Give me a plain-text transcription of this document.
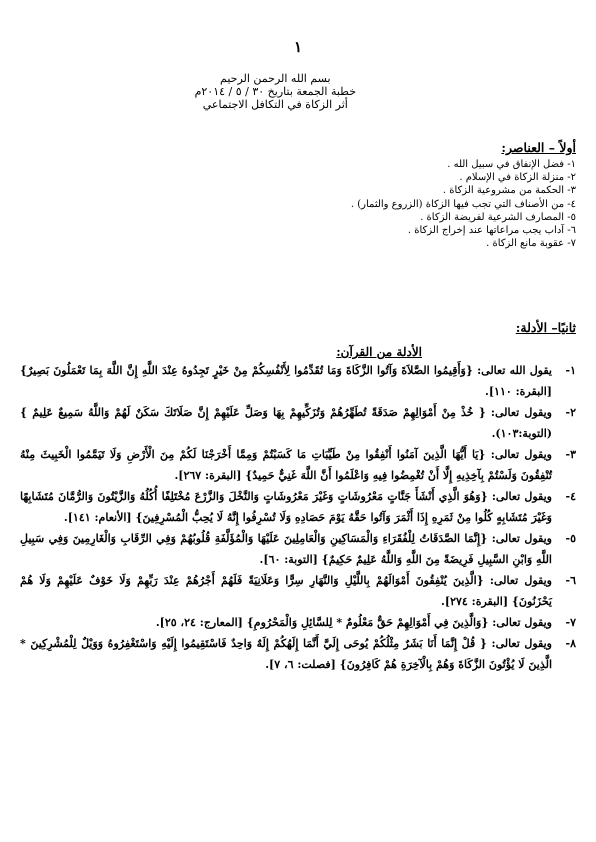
١
بسم الله الرحمن الرحيم
خطبة الجمعة بتاريخ ٣٠ / ٥ / ٢٠١٤م
أثر الزكاة في التكافل الاجتماعي
أولاً – العناصر:
١- فضل الإنفاق في سبيل الله .
٢- منزلة الزكاة في الإسلام .
٣- الحكمة من مشروعية الزكاة .
٤- من الأصناف التي تجب فيها الزكاة (الزروع والثمار) .
٥- المصارف الشرعية لفريضة الزكاة .
٦- آداب يجب مراعاتها عند إخراج الزكاة .
٧- عقوبة مانع الزكاة .
ثانيًا– الأدلة:
الأدلة من القرآن:
١-
يقول الله تعالى: {وَأَقِيمُوا الصَّلاَةَ وَآتُوا الزَّكَاةَ وَمَا تُقَدِّمُوا لِأَنْفُسِكُمْ مِنْ خَيْرٍ تَجِدُوهُ عِنْدَ اللَّهِ إِنَّ اللَّهَ بِمَا تَعْمَلُونَ بَصِيرٌ} [البقرة: ١١٠].
٢-
ويقول تعالى: { خُذْ مِنْ أَمْوَالِهِمْ صَدَقَةً تُطَهِّرُهُمْ وَتُزَكِّيهِمْ بِهَا وَصَلِّ عَلَيْهِمْ إِنَّ صَلَاتَكَ سَكَنٌ لَهُمْ وَاللَّهُ سَمِيعٌ عَلِيمٌ } (التوبة:١٠٣).
٣-
ويقول تعالى: {يَا أَيُّهَا الَّذِينَ آمَنُوا أَنْفِقُوا مِنْ طَيِّبَاتِ مَا كَسَبْتُمْ وَمِمَّا أَخْرَجْنَا لَكُمْ مِنَ الْأَرْضِ وَلَا تَيَمَّمُوا الْخَبِيثَ مِنْهُ تُنْفِقُونَ وَلَسْتُمْ بِآخِذِيهِ إِلَّا أَنْ تُغْمِضُوا فِيهِ وَاعْلَمُوا أَنَّ اللَّهَ غَنِيٌّ حَمِيدٌ} [البقرة: ٢٦٧].
٤-
ويقول تعالى: {وَهُوَ الَّذِي أَنْشَأَ جَنَّاتٍ مَعْرُوشَاتٍ وَغَيْرَ مَعْرُوشَاتٍ وَالنَّخْلَ وَالزَّرْعَ مُخْتَلِفًا أُكُلُهُ وَالزَّيْتُونَ وَالرُّمَّانَ مُتَشَابِهًا وَغَيْرَ مُتَشَابِهٍ كُلُوا مِنْ ثَمَرِهِ إِذَا أَثْمَرَ وَآتُوا حَقَّهُ يَوْمَ حَصَادِهِ وَلَا تُسْرِفُوا إِنَّهُ لَا يُحِبُّ الْمُسْرِفِينَ} [الأنعام: ١٤١].
٥-
ويقول تعالى: {إِنَّمَا الصَّدَقَاتُ لِلْفُقَرَاءِ وَالْمَسَاكِينِ وَالْعَامِلِينَ عَلَيْهَا وَالْمُؤَلَّفَةِ قُلُوبُهُمْ وَفِي الرِّقَابِ وَالْغَارِمِينَ وَفِي سَبِيلِ اللَّهِ وَابْنِ السَّبِيلِ فَرِيضَةً مِنَ اللَّهِ وَاللَّهُ عَلِيمٌ حَكِيمٌ} [التوبة: ٦٠].
٦-
ويقول تعالى: {الَّذِينَ يُنْفِقُونَ أَمْوَالَهُمْ بِاللَّيْلِ وَالنَّهَارِ سِرًّا وَعَلَانِيَةً فَلَهُمْ أَجْرُهُمْ عِنْدَ رَبِّهِمْ وَلَا خَوْفٌ عَلَيْهِمْ وَلَا هُمْ يَحْزَنُونَ} [البقرة: ٢٧٤].
٧-
ويقول تعالى: {وَالَّذِينَ فِي أَمْوَالِهِمْ حَقٌّ مَعْلُومٌ * لِلسَّائِلِ وَالْمَحْرُومِ} [المعارج: ٢٤، ٢٥].
٨-
ويقول تعالى: { قُلْ إِنَّمَا أَنَا بَشَرٌ مِثْلُكُمْ يُوحَى إِلَيَّ أَنَّمَا إِلَهُكُمْ إِلَهٌ وَاحِدٌ فَاسْتَقِيمُوا إِلَيْهِ وَاسْتَغْفِرُوهُ وَوَيْلٌ لِلْمُشْرِكِينَ * الَّذِينَ لَا يُؤْتُونَ الزَّكَاةَ وَهُمْ بِالْآخِرَةِ هُمْ كَافِرُونَ} [فصلت: ٦، ٧].
